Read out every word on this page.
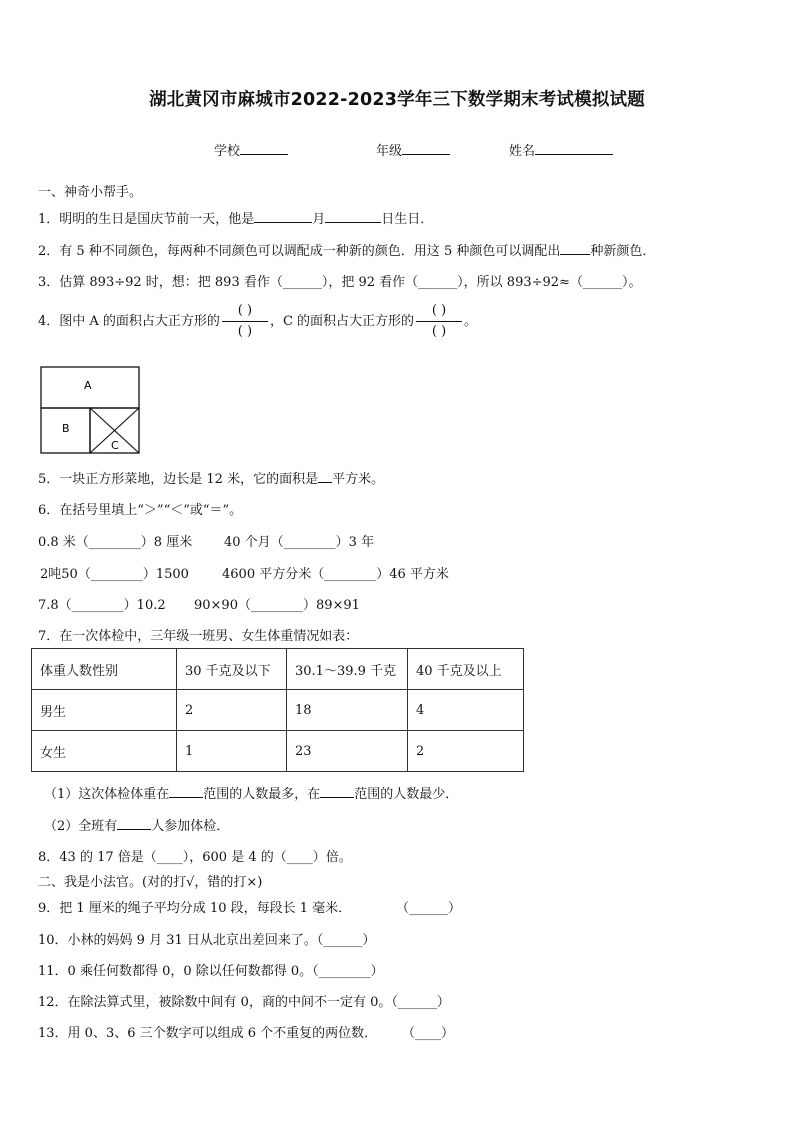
湖北黄冈市麻城市2022-2023学年三下数学期末考试模拟试题
学校	年级	姓名
一、神奇小帮手。
1．明明的生日是国庆节前一天，他是	月	日生日．
2．有 5 种不同颜色，每两种不同颜色可以调配成一种新的颜色．用这 5 种颜色可以调配出 种新颜色．
3．估算 893÷92 时，想：把 893 看作（______），把 92 看作（______），所以 893÷92≈（______）。
4．图中 A 的面积占大正方形的 $\frac{( )}{( )}$ ，C 的面积占大正方形的 $\frac{( )}{( )}$ 。
A
B
C
5．一块正方形菜地，边长是 12 米，它的面积是 平方米。
6．在括号里填上“＞”“＜”或“＝”。
0.8 米（________）8 厘米 40 个月（________）3 年
2吨50（________）1500	4600 平方分米（________）46 平方米
7.8（________）10.2 90×90（________）89×91
7．在一次体检中，三年级一班男、女生体重情况如表：
体重人数性别	30 千克及以下	30.1～39.9 千克	40 千克及以上
男生	2	18	4
女生	1	23	2
（1）这次体检体重在	范围的人数最多，在	范围的人数最少．
（2）全班有	人参加体检．
8．43 的 17 倍是（____），600 是 4 的（____）倍。
二、我是小法官。(对的打√，错的打×)
9．把 1 厘米的绳子平均分成 10 段，每段长 1 毫米．	（______）
10．小林的妈妈 9 月 31 日从北京出差回来了。（______）
11．0 乘任何数都得 0，0 除以任何数都得 0。（________）
12．在除法算式里，被除数中间有 0，商的中间不一定有 0。（______）
13．用 0、3、6 三个数字可以组成 6 个不重复的两位数． （____）
